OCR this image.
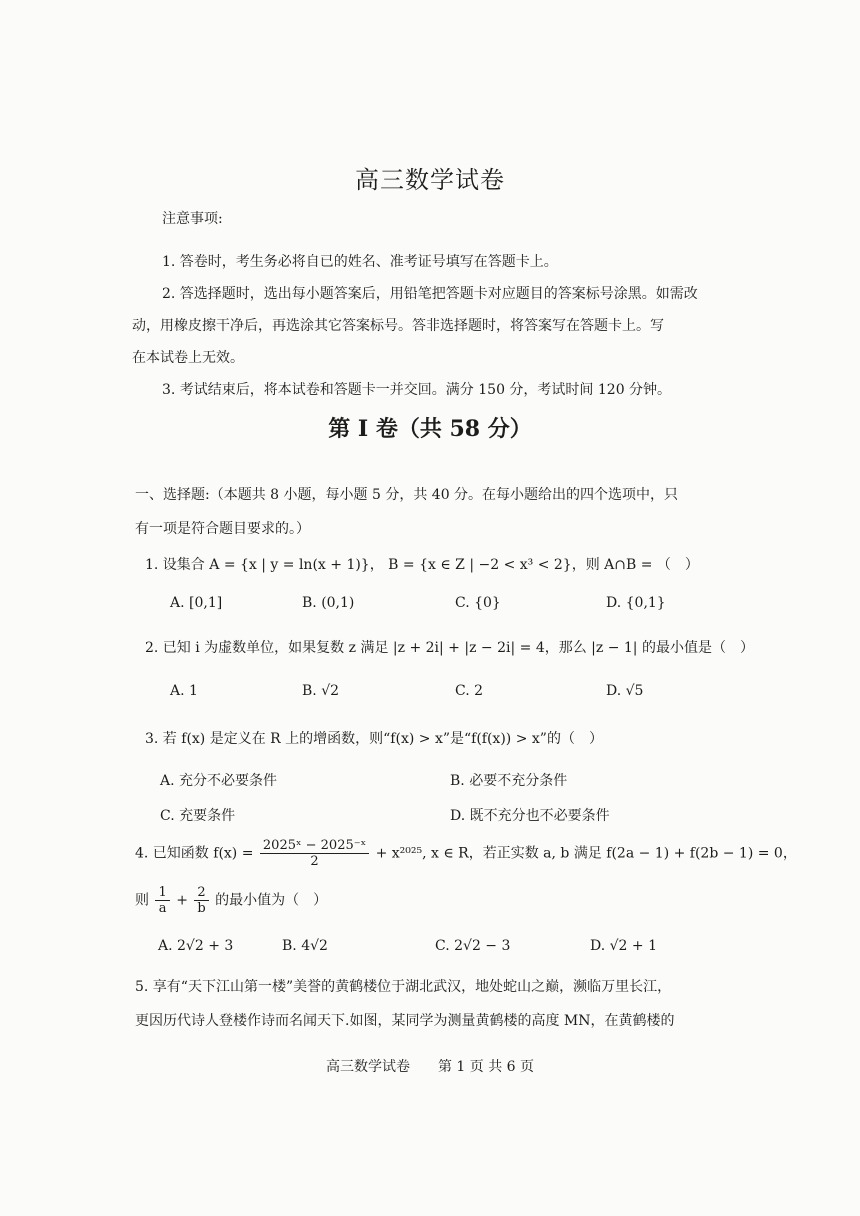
高三数学试卷
注意事项:

1. 答卷时，考生务必将自已的姓名、准考证号填写在答题卡上。

2. 答选择题时，选出每小题答案后，用铅笔把答题卡对应题目的答案标号涂黑。如需改

动，用橡皮擦干净后，再选涂其它答案标号。答非选择题时，将答案写在答题卡上。写

在本试卷上无效。

3. 考试结束后，将本试卷和答题卡一并交回。满分 150 分，考试时间 120 分钟。

第 I 卷（共 58 分）
一、选择题:（本题共 8 小题，每小题 5 分，共 40 分。在每小题给出的四个选项中，只
有一项是符合题目要求的。）
1. 设集合 A = {x | y = ln(x + 1)}， B = {x ∈ Z | −2 < x³ < 2}，则 A∩B = （　）
A. [0,1]	B. (0,1)	C. {0}	D. {0,1}
2. 已知 i 为虚数单位，如果复数 z 满足 |z + 2i| + |z − 2i| = 4，那么 |z − 1| 的最小值是（　）
A. 1	B. √2	C. 2	D. √5
3. 若 f(x) 是定义在 R 上的增函数，则“f(x) > x”是“f(f(x)) > x”的（　）
A. 充分不必要条件	B. 必要不充分条件
C. 充要条件	D. 既不充分也不必要条件
4. 已知函数 $f(x) = \frac{\text{2025ˣ − 2025⁻ˣ}}{2} + x^{2025}$, x ∈ R，若正实数 a, b 满足 f(2a − 1) + f(2b − 1) = 0，
则 $\frac{1}{a} + \frac{2}{b}$ 的最小值为（　）
A. 2√2 + 3	B. 4√2	C. 2√2 − 3	D. √2 + 1
5. 享有“天下江山第一楼”美誉的黄鹤楼位于湖北武汉，地处蛇山之巅，濒临万里长江，
更因历代诗人登楼作诗而名闻天下.如图，某同学为测量黄鹤楼的高度 MN，在黄鹤楼的
高三数学试卷　　第 1 页 共 6 页
